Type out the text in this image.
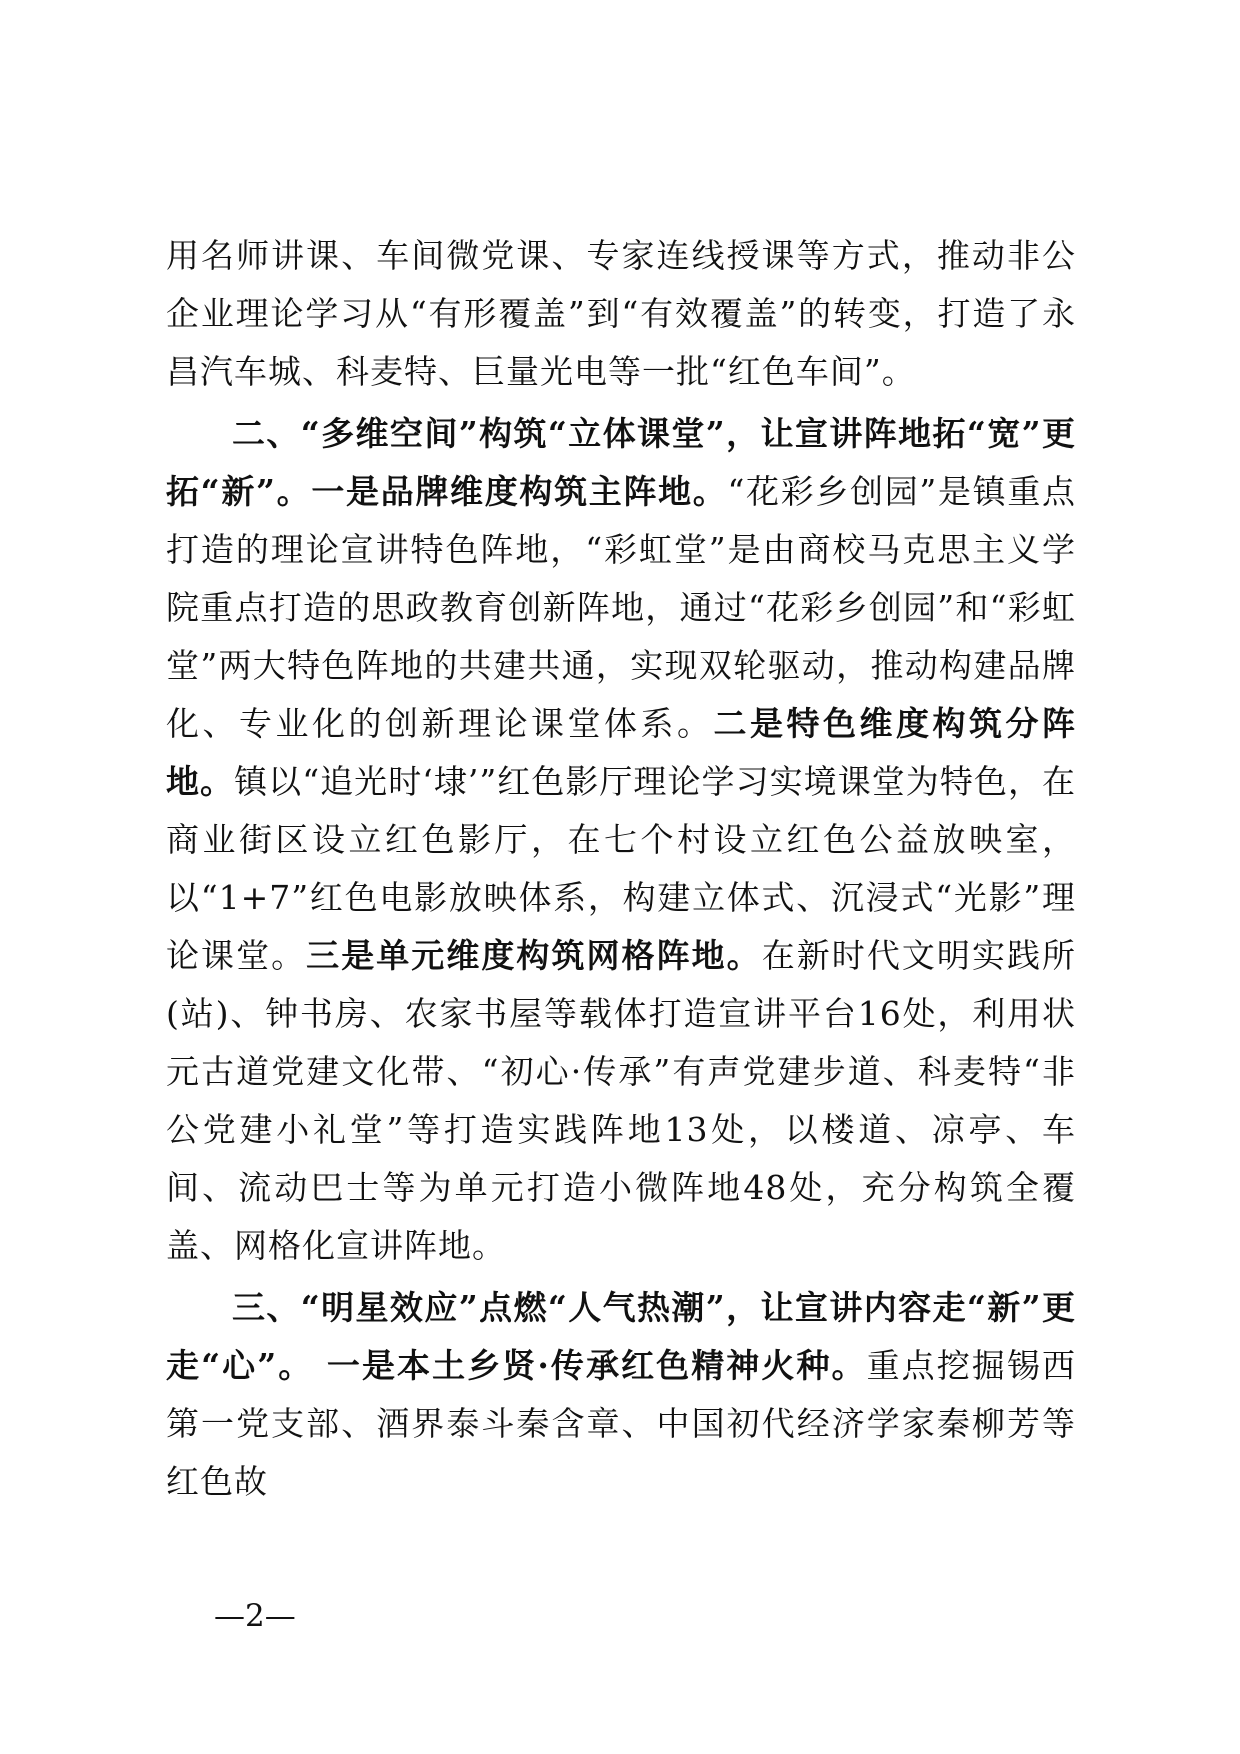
用名师讲课、车间微党课、专家连线授课等方式，推动非公企业理论学习从“有形覆盖”到“有效覆盖”的转变，打造了永昌汽车城、科麦特、巨量光电等一批“红色车间”。

二、“多维空间”构筑“立体课堂”，让宣讲阵地拓“宽”更拓“新”。一是品牌维度构筑主阵地。“花彩乡创园”是镇重点打造的理论宣讲特色阵地，“彩虹堂”是由商校马克思主义学院重点打造的思政教育创新阵地，通过“花彩乡创园”和“彩虹堂”两大特色阵地的共建共通，实现双轮驱动，推动构建品牌化、专业化的创新理论课堂体系。二是特色维度构筑分阵地。镇以“追光时‘埭’”红色影厅理论学习实境课堂为特色，在商业街区设立红色影厅，在七个村设立红色公益放映室，以“1+7”红色电影放映体系，构建立体式、沉浸式“光影”理论课堂。三是单元维度构筑网格阵地。在新时代文明实践所(站)、钟书房、农家书屋等载体打造宣讲平台16处，利用状元古道党建文化带、“初心·传承”有声党建步道、科麦特“非公党建小礼堂”等打造实践阵地13处，以楼道、凉亭、车间、流动巴士等为单元打造小微阵地48处，充分构筑全覆盖、网格化宣讲阵地。

三、“明星效应”点燃“人气热潮”，让宣讲内容走“新”更走“心”。 一是本土乡贤·传承红色精神火种。重点挖掘锡西第一党支部、酒界泰斗秦含章、中国初代经济学家秦柳芳等红色故

—2—
